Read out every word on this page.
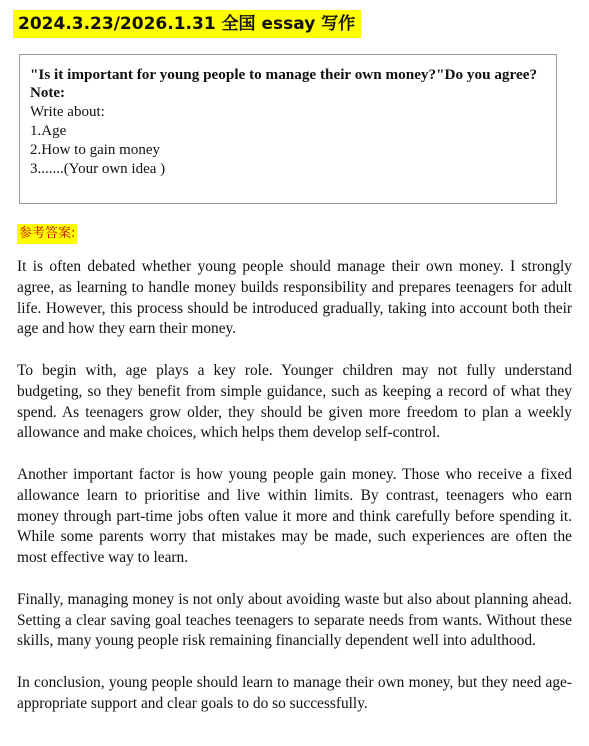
2024.3.23/2026.1.31 全国 essay 写作

"Is it important for young people to manage their own money?"Do you agree?

Note:

Write about:

1.Age

2.How to gain money

3.......(Your own idea )

参考答案:

It is often debated whether young people should manage their own money. I strongly agree, as learning to handle money builds responsibility and prepares teenagers for adult life. However, this process should be introduced gradually, taking into account both their age and how they earn their money.

To begin with, age plays a key role. Younger children may not fully understand budgeting, so they benefit from simple guidance, such as keeping a record of what they spend. As teenagers grow older, they should be given more freedom to plan a weekly allowance and make choices, which helps them develop self-control.

Another important factor is how young people gain money. Those who receive a fixed allowance learn to prioritise and live within limits. By contrast, teenagers who earn money through part-time jobs often value it more and think carefully before spending it. While some parents worry that mistakes may be made, such experiences are often the most effective way to learn.

Finally, managing money is not only about avoiding waste but also about planning ahead. Setting a clear saving goal teaches teenagers to separate needs from wants. Without these skills, many young people risk remaining financially dependent well into adulthood.

In conclusion, young people should learn to manage their own money, but they need age-appropriate support and clear goals to do so successfully.
